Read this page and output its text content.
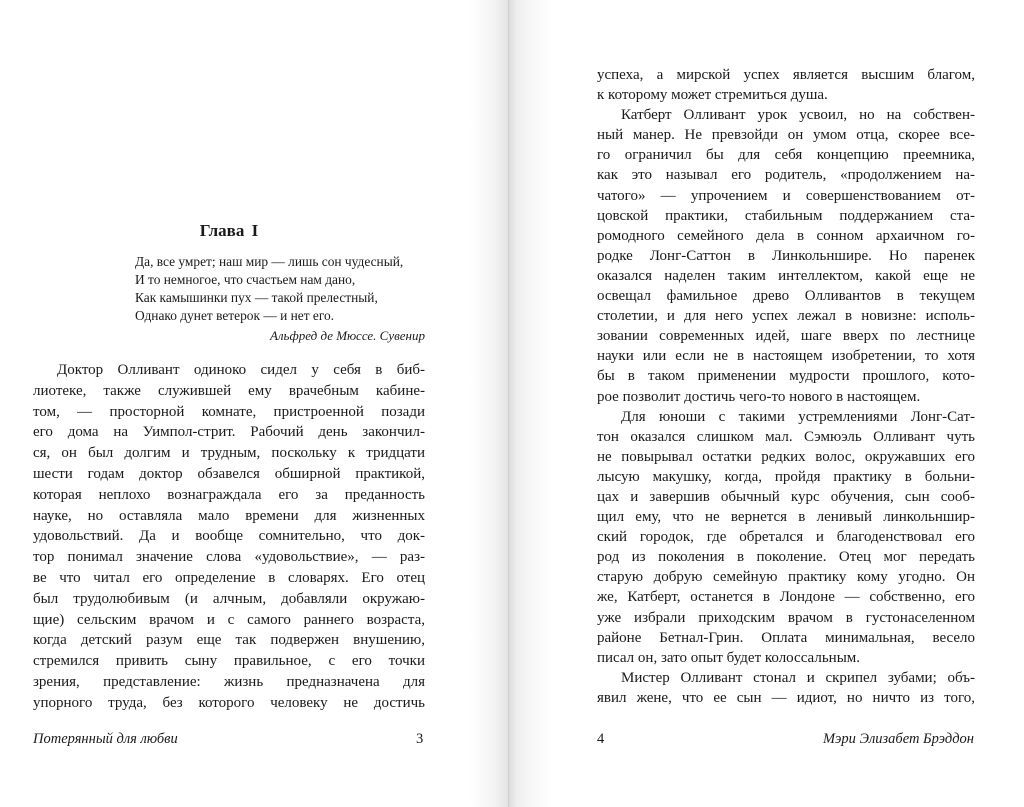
Глава I
Да, все умрет; наш мир — лишь сон чудесный,
И то немногое, что счастьем нам дано,
Как камышинки пух — такой прелестный,
Однако дунет ветерок — и нет его.
Альфред де Мюссе. Сувенир
Доктор Олливант одиноко сидел у себя в биб-
лиотеке, также служившей ему врачебным кабине-
том, — просторной комнате, пристроенной позади
его дома на Уимпол-стрит. Рабочий день закончил-
ся, он был долгим и трудным, поскольку к тридцати
шести годам доктор обзавелся обширной практикой,
которая неплохо вознаграждала его за преданность
науке, но оставляла мало времени для жизненных
удовольствий. Да и вообще сомнительно, что док-
тор понимал значение слова «удовольствие», — раз-
ве что читал его определение в словарях. Его отец
был трудолюбивым (и алчным, добавляли окружаю-
щие) сельским врачом и с самого раннего возраста,
когда детский разум еще так подвержен внушению,
стремился привить сыну правильное, с его точки
зрения, представление: жизнь предназначена для
упорного труда, без которого человеку не достичь
Потерянный для любви	3
успеха, а мирской успех является высшим благом,
к которому может стремиться душа.
Катберт Олливант урок усвоил, но на собствен-
ный манер. Не превзойди он умом отца, скорее все-
го ограничил бы для себя концепцию преемника,
как это называл его родитель, «продолжением на-
чатого» — упрочением и совершенствованием от-
цовской практики, стабильным поддержанием ста-
ромодного семейного дела в сонном архаичном го-
родке Лонг-Саттон в Линкольншире. Но паренек
оказался наделен таким интеллектом, какой еще не
освещал фамильное древо Олливантов в текущем
столетии, и для него успех лежал в новизне: исполь-
зовании современных идей, шаге вверх по лестнице
науки или если не в настоящем изобретении, то хотя
бы в таком применении мудрости прошлого, кото-
рое позволит достичь чего-то нового в настоящем.
Для юноши с такими устремлениями Лонг-Сат-
тон оказался слишком мал. Сэмюэль Олливант чуть
не повырывал остатки редких волос, окружавших его
лысую макушку, когда, пройдя практику в больни-
цах и завершив обычный курс обучения, сын сооб-
щил ему, что не вернется в ленивый линкольншир-
ский городок, где обретался и благоденствовал его
род из поколения в поколение. Отец мог передать
старую добрую семейную практику кому угодно. Он
же, Катберт, останется в Лондоне — собственно, его
уже избрали приходским врачом в густонаселенном
районе Бетнал-Грин. Оплата минимальная, весело
писал он, зато опыт будет колоссальным.
Мистер Олливант стонал и скрипел зубами; объ-
явил жене, что ее сын — идиот, но ничто из того,
4	Мэри Элизабет Брэддон
